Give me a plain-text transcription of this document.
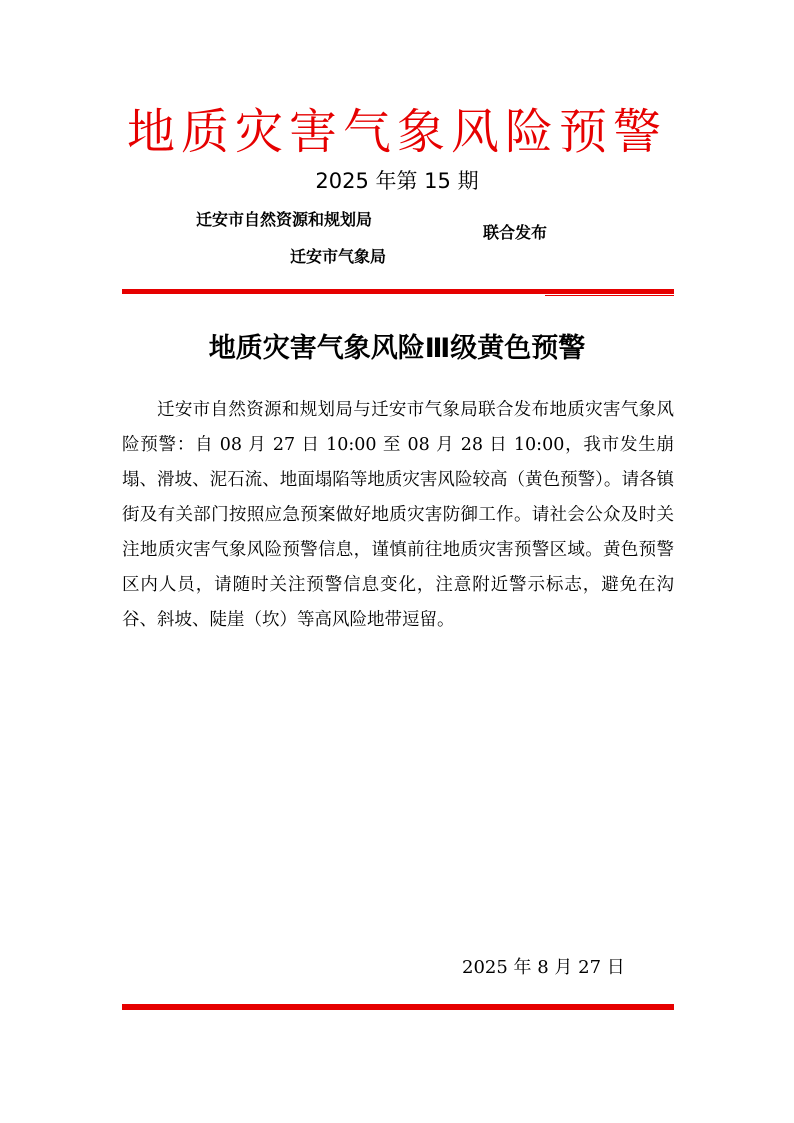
地质灾害气象风险预警
2025 年第 15 期
迁安市自然资源和规划局
迁安市气象局
联合发布
地质灾害气象风险Ⅲ级黄色预警

迁安市自然资源和规划局与迁安市气象局联合发布地质灾害气象风险预警：自 08 月 27 日 10:00 至 08 月 28 日 10:00，我市发生崩塌、滑坡、泥石流、地面塌陷等地质灾害风险较高（黄色预警）。请各镇街及有关部门按照应急预案做好地质灾害防御工作。请社会公众及时关注地质灾害气象风险预警信息，谨慎前往地质灾害预警区域。黄色预警区内人员，请随时关注预警信息变化，注意附近警示标志，避免在沟谷、斜坡、陡崖（坎）等高风险地带逗留。

2025 年 8 月 27 日
